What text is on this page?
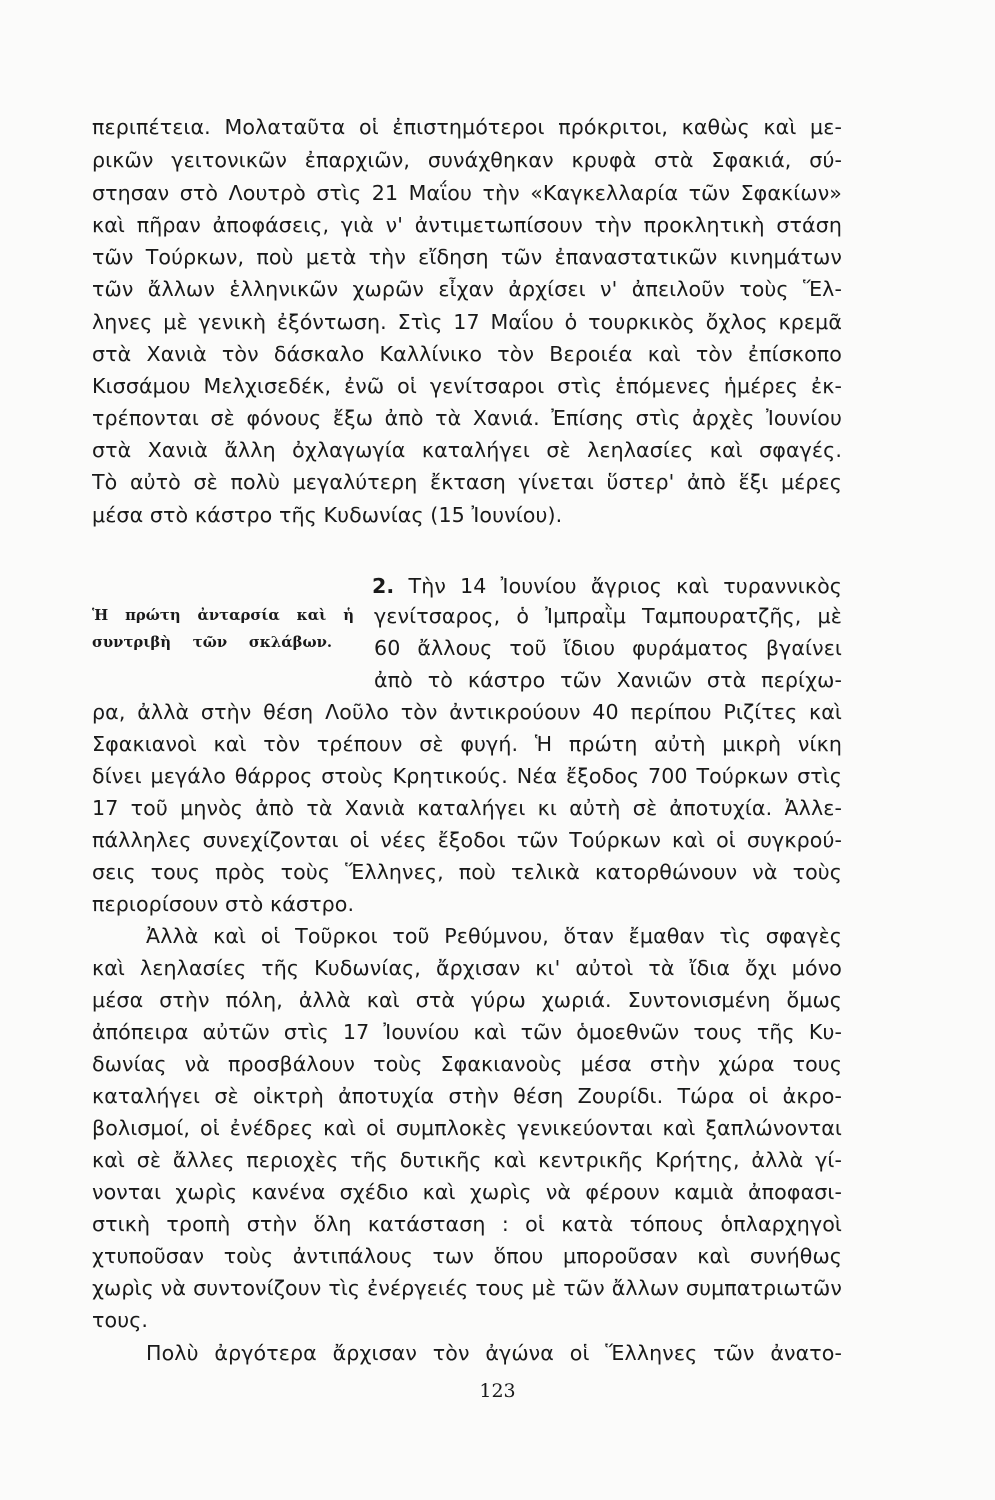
περιπέτεια. Μολαταῦτα οἱ ἐπιστημότεροι πρόκριτοι, καθὼς καὶ με-
ρικῶν γειτονικῶν ἐπαρχιῶν, συνάχθηκαν κρυφὰ στὰ Σφακιά, σύ-
στησαν στὸ Λουτρὸ στὶς 21 Μαΐου τὴν «Καγκελλαρία τῶν Σφακίων»
καὶ πῆραν ἀποφάσεις, γιὰ ν' ἀντιμετωπίσουν τὴν προκλητικὴ στάση
τῶν Τούρκων, ποὺ μετὰ τὴν εἴδηση τῶν ἐπαναστατικῶν κινημάτων
τῶν ἄλλων ἑλληνικῶν χωρῶν εἶχαν ἀρχίσει ν' ἀπειλοῦν τοὺς Ἕλ-
ληνες μὲ γενικὴ ἐξόντωση. Στὶς 17 Μαΐου ὁ τουρκικὸς ὄχλος κρεμᾶ
στὰ Χανιὰ τὸν δάσκαλο Καλλίνικο τὸν Βεροιέα καὶ τὸν ἐπίσκοπο
Κισσάμου Μελχισεδέκ, ἐνῶ οἱ γενίτσαροι στὶς ἑπόμενες ἡμέρες ἐκ-
τρέπονται σὲ φόνους ἔξω ἀπὸ τὰ Χανιά. Ἐπίσης στὶς ἀρχὲς Ἰουνίου
στὰ Χανιὰ ἄλλη ὀχλαγωγία καταλήγει σὲ λεηλασίες καὶ σφαγές.
Τὸ αὐτὸ σὲ πολὺ μεγαλύτερη ἔκταση γίνεται ὕστερ' ἀπὸ ἕξι μέρες
μέσα στὸ κάστρο τῆς Κυδωνίας (15 Ἰουνίου).
Ἡ πρώτη ἀνταρσία καὶ ἡ
συντριβὴ τῶν σκλάβων.
2. Τὴν 14 Ἰουνίου ἄγριος καὶ τυραννικὸς
γενίτσαρος, ὁ Ἰμπραῒμ Ταμπουρατζῆς, μὲ
60 ἄλλους τοῦ ἴδιου φυράματος βγαίνει
ἀπὸ τὸ κάστρο τῶν Χανιῶν στὰ περίχω-
ρα, ἀλλὰ στὴν θέση Λοῦλο τὸν ἀντικρούουν 40 περίπου Ριζίτες καὶ
Σφακιανοὶ καὶ τὸν τρέπουν σὲ φυγή. Ἡ πρώτη αὐτὴ μικρὴ νίκη
δίνει μεγάλο θάρρος στοὺς Κρητικούς. Νέα ἔξοδος 700 Τούρκων στὶς
17 τοῦ μηνὸς ἀπὸ τὰ Χανιὰ καταλήγει κι αὐτὴ σὲ ἀποτυχία. Ἀλλε-
πάλληλες συνεχίζονται οἱ νέες ἔξοδοι τῶν Τούρκων καὶ οἱ συγκρού-
σεις τους πρὸς τοὺς Ἕλληνες, ποὺ τελικὰ κατορθώνουν νὰ τοὺς
περιορίσουν στὸ κάστρο.
Ἀλλὰ καὶ οἱ Τοῦρκοι τοῦ Ρεθύμνου, ὅταν ἔμαθαν τὶς σφαγὲς
καὶ λεηλασίες τῆς Κυδωνίας, ἄρχισαν κι' αὐτοὶ τὰ ἴδια ὄχι μόνο
μέσα στὴν πόλη, ἀλλὰ καὶ στὰ γύρω χωριά. Συντονισμένη ὅμως
ἀπόπειρα αὐτῶν στὶς 17 Ἰουνίου καὶ τῶν ὁμοεθνῶν τους τῆς Κυ-
δωνίας νὰ προσβάλουν τοὺς Σφακιανοὺς μέσα στὴν χώρα τους
καταλήγει σὲ οἰκτρὴ ἀποτυχία στὴν θέση Ζουρίδι. Τώρα οἱ ἀκρο-
βολισμοί, οἱ ἐνέδρες καὶ οἱ συμπλοκὲς γενικεύονται καὶ ξαπλώνονται
καὶ σὲ ἄλλες περιοχὲς τῆς δυτικῆς καὶ κεντρικῆς Κρήτης, ἀλλὰ γί-
νονται χωρὶς κανένα σχέδιο καὶ χωρὶς νὰ φέρουν καμιὰ ἀποφασι-
στικὴ τροπὴ στὴν ὅλη κατάσταση : οἱ κατὰ τόπους ὁπλαρχηγοὶ
χτυποῦσαν τοὺς ἀντιπάλους των ὅπου μποροῦσαν καὶ συνήθως
χωρὶς νὰ συντονίζουν τὶς ἐνέργειές τους μὲ τῶν ἄλλων συμπατριωτῶν
τους.
Πολὺ ἀργότερα ἄρχισαν τὸν ἀγώνα οἱ Ἕλληνες τῶν ἀνατο-
123
